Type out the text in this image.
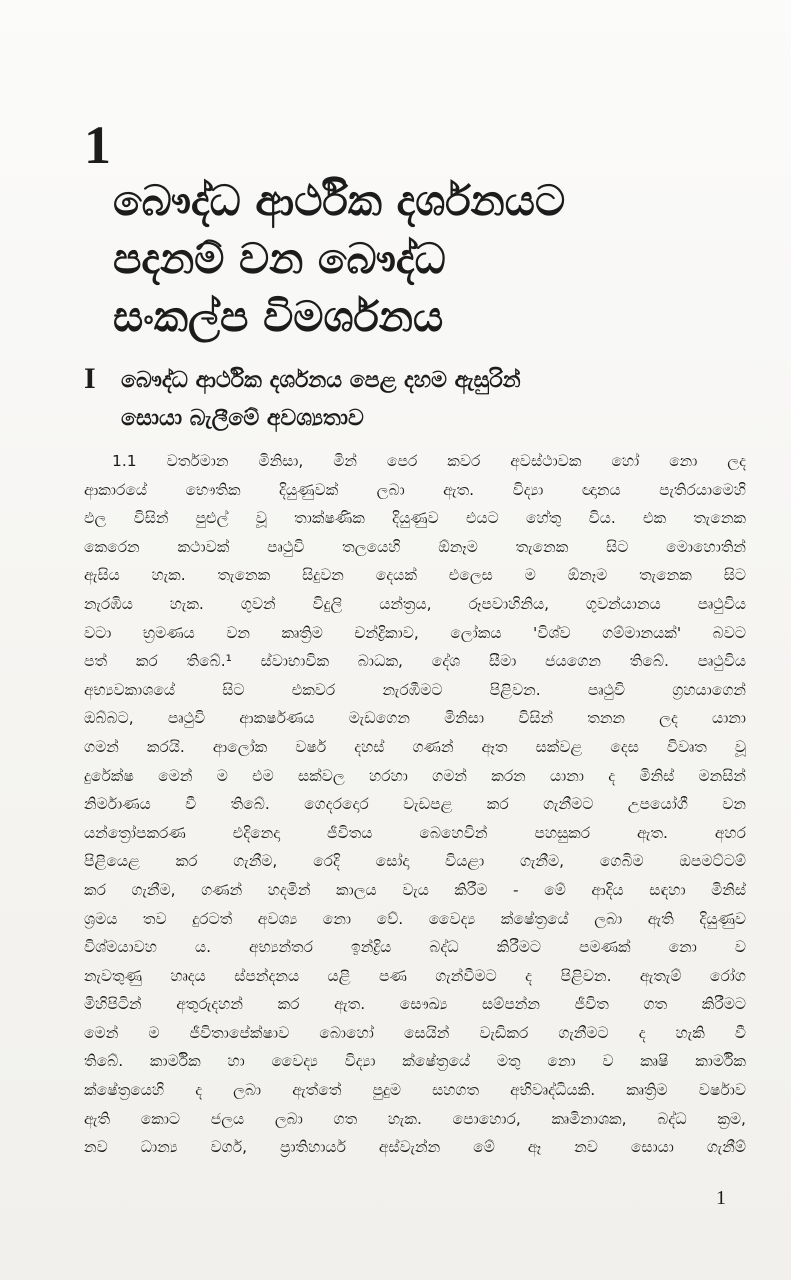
1
බෞද්ධ ආර්ථික දර්ශනයට
පදනම් වන බෞද්ධ
සංකල්ප විමර්ශනය
I බෞද්ධ ආර්ථික දර්ශනය පෙළ දහම ඇසුරින්
සොයා බැලීමේ අවශ්‍යතාව
1.1 වර්තමාන මිනිසා, මින් පෙර කවර අවස්ථාවක හෝ නො ලද
ආකාරයේ භෞතික දියුණුවක් ලබා ඇත. විද්‍යා ඥානය පැතිරයාමෙහි
ඵල විසින් පුළුල් වූ තාක්ෂණික දියුණුව එයට හේතු විය. එක තැනෙක
කෙරෙන කථාවක් පෘථුවි තලයෙහි ඕනෑම තැනෙක සිට මොහොතින්
ඇසිය හැක. තැනෙක සිදුවන දෙයක් එලෙස ම ඕනෑම තැනෙක සිට
නැරඹිය හැක. ගුවන් විදුලි යන්ත්‍රය, රූපවාහිනිය, ගුවන්යානය පෘථුවිය
වටා භ්‍රමණය වන කෘත්‍රිම චන්ද්‍රිකාව, ලෝකය 'විශ්ව ගම්මානයක්' බවට
පත් කර තිබේ.¹ ස්වාභාවික බාධක, දේශ සීමා ජයගෙන තිබේ. පෘථුවිය
අභ්‍යවකාශයේ සිට එකවර නැරඹීමට පිළිවන. පෘථුවි ග්‍රහයාගෙන්
ඔබ්බට, පෘථුවි ආකර්ෂණය මැඩගෙන මිනිසා විසින් තනන ලද යානා
ගමන් කරයි. ආලෝක වර්ෂ දහස් ගණන් ඈත සක්වළ දෙස විවෘත වූ
දුරේක්ෂ මෙන් ම එම සක්වල හරහා ගමන් කරන යානා ද මිනිස් මනසින්
නිර්මාණය වී තිබේ. ගෙදරදොර වැඩපළ කර ගැනීමට උපයෝගී වන
යන්ත්‍රෝපකරණ එදිනෙදා ජීවිතය බෙහෙවින් පහසුකර ඇත. අහර
පිළියෙළ කර ගැනීම, රෙදි සෝදා වියළා ගැනීම, ගෙබිම ඔපමට්ටම්
කර ගැනීම, ගණන් හදමින් කාලය වැය කිරීම - මේ ආදිය සඳහා මිනිස්
ශ්‍රමය තව දුරටත් අවශ්‍ය නො වේ. වෛද්‍ය ක්ෂේත්‍රයේ ලබා ඇති දියුණුව
විශ්මයාවහ ය. අභ්‍යන්තර ඉන්ද්‍රිය බද්ධ කිරීමට පමණක් නො ව
නැවතුණු හෘදය ස්පන්දනය යළි පණ ගැන්වීමට ද පිළිවන. ඇතැම් රෝග
මිහිපිටින් අතුරුදහන් කර ඇත. සෞඛ්‍ය සම්පන්න ජීවිත ගත කිරීමට
මෙන් ම ජීවිතාපේක්ෂාව බොහෝ සෙයින් වැඩිකර ගැනීමට ද හැකි වී
තිබේ. කාර්මික හා වෛද්‍ය විද්‍යා ක්ෂේත්‍රයේ මතු නො ව කෘෂි කාර්මික
ක්ෂේත්‍රයෙහි ද ලබා ඇත්තේ පුදුම සහගත අභිවෘද්ධියකි. කෘත්‍රිම වර්ෂාව
ඇති කොට ජලය ලබා ගත හැක. පොහොර, කෘමිනාශක, බද්ධ ක්‍රම,
නව ධාන්‍ය වර්ග, ප්‍රාතිහාර්ය අස්වැන්න මේ ඈ නව සොයා ගැනීම්
1
